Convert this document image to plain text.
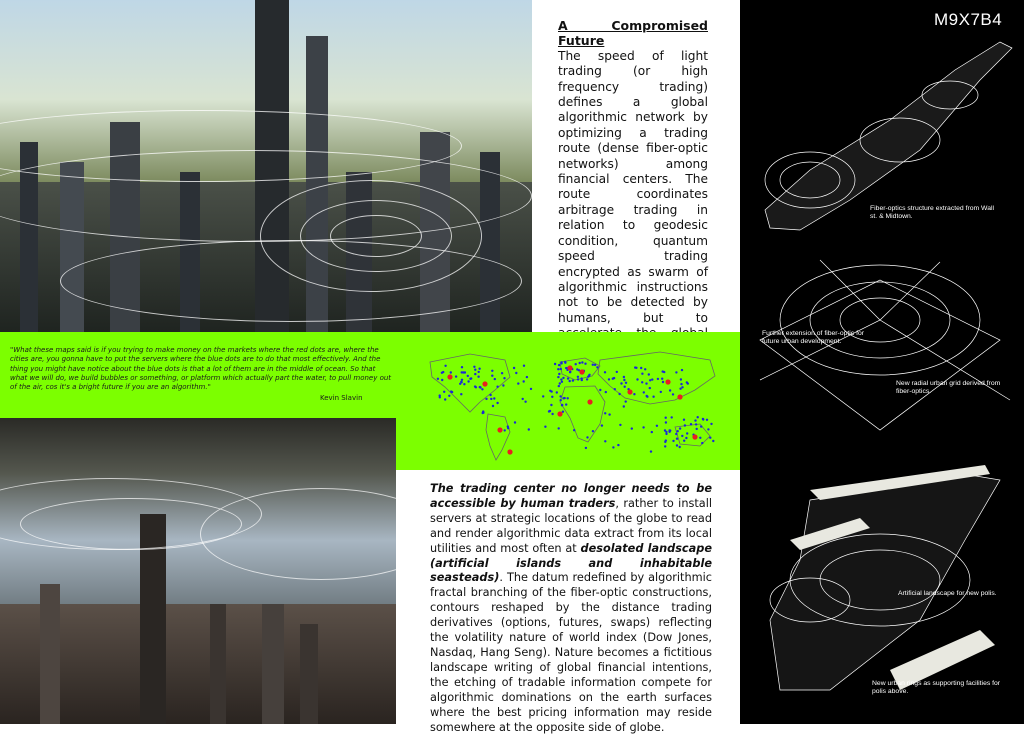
A Compromised Future
The speed of light trading (or high frequency trading) defines a global algorithmic network by optimizing a trading route (dense fiber-optic networks) among financial centers. The route coordinates arbitrage trading in relation to geodesic condition, quantum speed trading encrypted as swarm of algorithmic instructions not to be detected by humans, but to
"What these maps said is if you trying to make money on the markets where the red dots are, where the cities are, you gonna have to put the servers where the blue dots are to do that most effectively. And the thing you might have notice about the blue dots is that a lot of them are in the middle of ocean. So that what we will do, we build bubbles or something, or platform which actually part the water, to pull money out of the air, cos it's a bright future if you are an algorithm."
Kevin Slavin
The trading center no longer needs to be accessible by human traders, rather to install servers at strategic locations of the globe to read and render algorithmic data extract from its local utilities and most often at desolated landscape (artificial islands and inhabitable seasteads). The datum redefined by algorithmic fractal branching of the fiber-optic constructions, contours reshaped by the distance trading derivatives (options, futures, swaps) reflecting the volatility nature of world index (Dow Jones, Nasdaq, Hang Seng). Nature becomes a fictitious landscape writing of global financial intentions, the etching of tradable information compete for algorithmic dominations on the earth surfaces where the best pricing information may reside somewhere at the opposite side of globe.
M9X7B4
Fiber-optics structure extracted from Wall st. & Midtown.
Further extension of fiber-optic for future urban development.
New radial urban grid derived from fiber-optics.
Artificial landscape for new polis.
New urban rings as supporting facilities for polis above.
